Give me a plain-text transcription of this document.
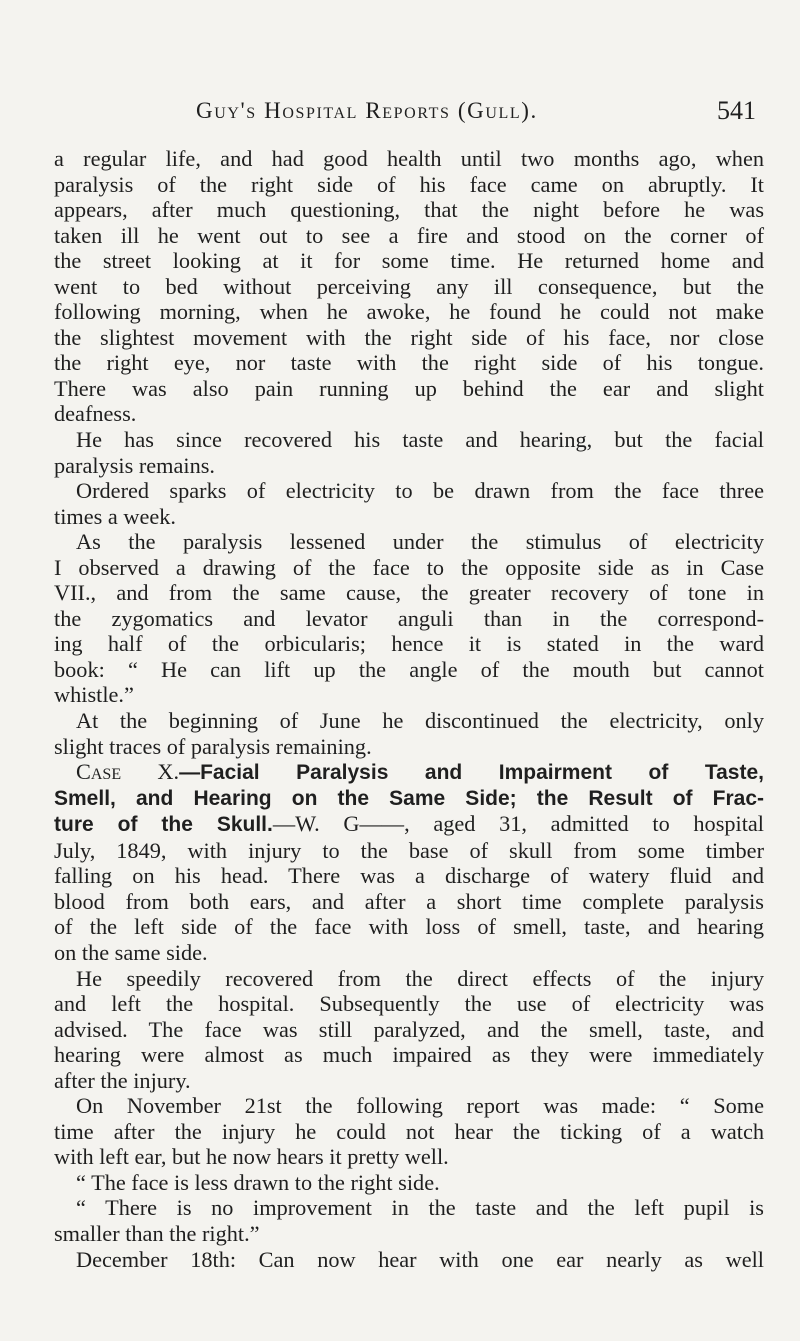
Guy's Hospital Reports (Gull).	541
a regular life, and had good health until two months ago, when
paralysis of the right side of his face came on abruptly. It
appears, after much questioning, that the night before he was
taken ill he went out to see a fire and stood on the corner of
the street looking at it for some time. He returned home and
went to bed without perceiving any ill consequence, but the
following morning, when he awoke, he found he could not make
the slightest movement with the right side of his face, nor close
the right eye, nor taste with the right side of his tongue.
There was also pain running up behind the ear and slight
deafness.
He has since recovered his taste and hearing, but the facial
paralysis remains.
Ordered sparks of electricity to be drawn from the face three
times a week.
As the paralysis lessened under the stimulus of electricity
I observed a drawing of the face to the opposite side as in Case
VII., and from the same cause, the greater recovery of tone in
the zygomatics and levator anguli than in the correspond-
ing half of the orbicularis; hence it is stated in the ward
book: “ He can lift up the angle of the mouth but cannot
whistle.”
At the beginning of June he discontinued the electricity, only
slight traces of paralysis remaining.
Case X.—Facial Paralysis and Impairment of Taste,
Smell, and Hearing on the Same Side; the Result of Frac-
ture of the Skull.—W. G——, aged 31, admitted to hospital
July, 1849, with injury to the base of skull from some timber
falling on his head. There was a discharge of watery fluid and
blood from both ears, and after a short time complete paralysis
of the left side of the face with loss of smell, taste, and hearing
on the same side.
He speedily recovered from the direct effects of the injury
and left the hospital. Subsequently the use of electricity was
advised. The face was still paralyzed, and the smell, taste, and
hearing were almost as much impaired as they were immediately
after the injury.
On November 21st the following report was made: “ Some
time after the injury he could not hear the ticking of a watch
with left ear, but he now hears it pretty well.
“ The face is less drawn to the right side.
“ There is no improvement in the taste and the left pupil is
smaller than the right.”
December 18th: Can now hear with one ear nearly as well
